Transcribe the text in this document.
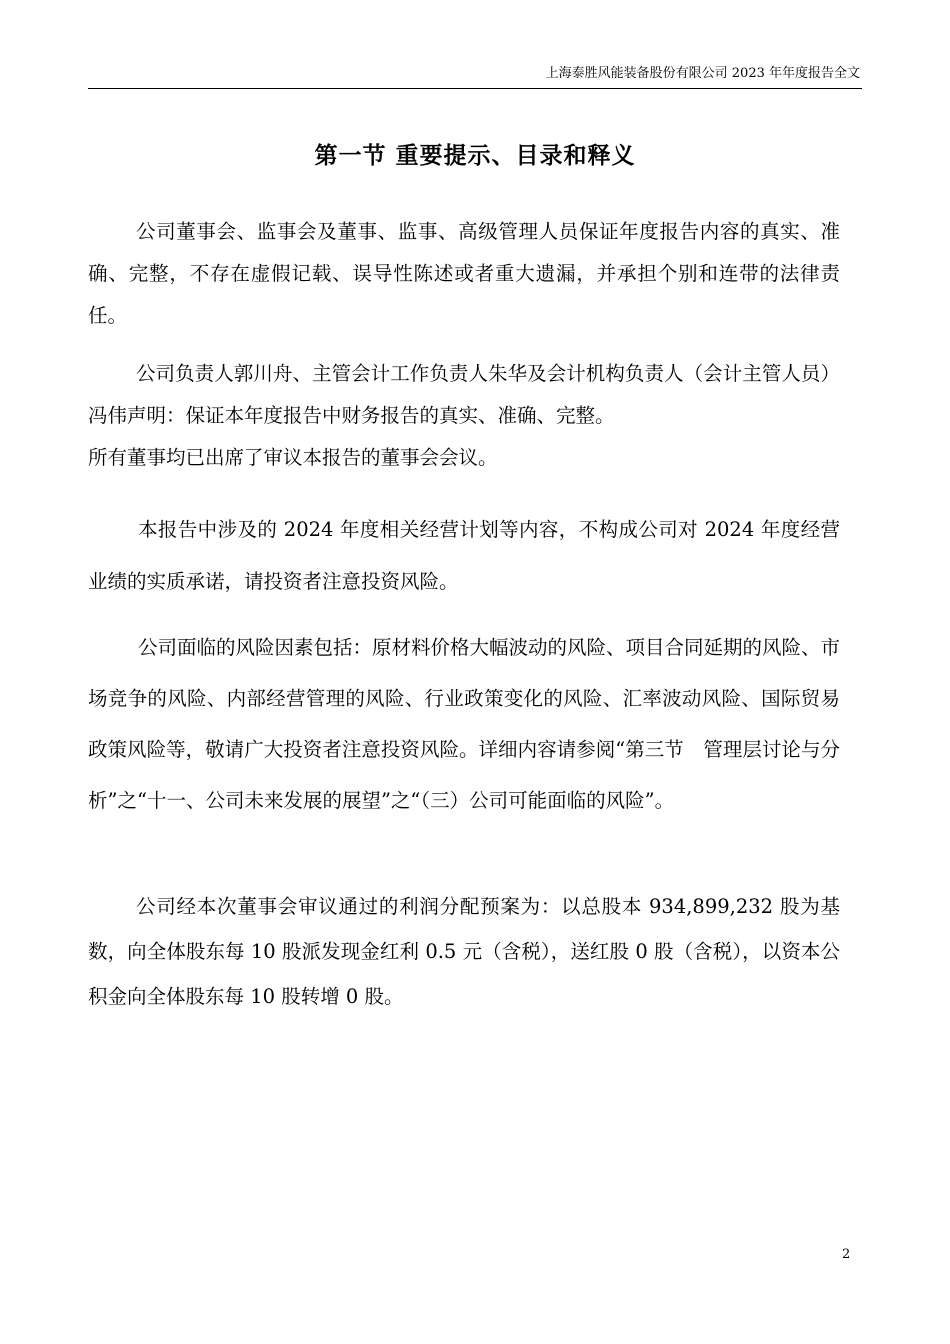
上海泰胜风能装备股份有限公司 2023 年年度报告全文
第一节 重要提示、目录和释义

公司董事会、监事会及董事、监事、高级管理人员保证年度报告内容的真实、准确、完整，不存在虚假记载、误导性陈述或者重大遗漏，并承担个别和连带的法律责任。

公司负责人郭川舟、主管会计工作负责人朱华及会计机构负责人（会计主管人员）冯伟声明：保证本年度报告中财务报告的真实、准确、完整。

所有董事均已出席了审议本报告的董事会会议。

本报告中涉及的 2024 年度相关经营计划等内容，不构成公司对 2024 年度经营业绩的实质承诺，请投资者注意投资风险。

公司面临的风险因素包括：原材料价格大幅波动的风险、项目合同延期的风险、市场竞争的风险、内部经营管理的风险、行业政策变化的风险、汇率波动风险、国际贸易政策风险等，敬请广大投资者注意投资风险。详细内容请参阅“第三节　管理层讨论与分析”之“十一、公司未来发展的展望”之“（三）公司可能面临的风险”。

公司经本次董事会审议通过的利润分配预案为：以总股本 934,899,232 股为基数，向全体股东每 10 股派发现金红利 0.5 元（含税），送红股 0 股（含税），以资本公积金向全体股东每 10 股转增 0 股。

2
